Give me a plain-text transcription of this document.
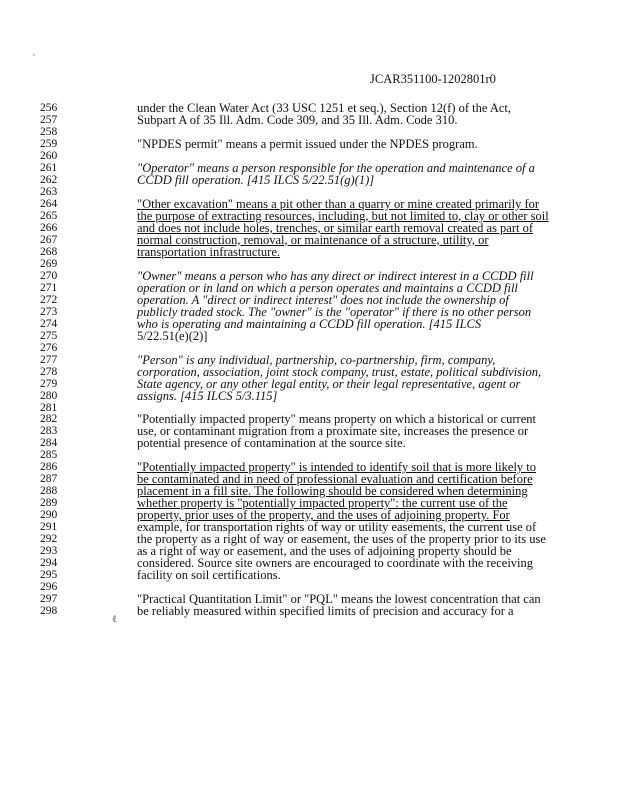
,
JCAR351100-1202801r0
ℓ
256	under the Clean Water Act (33 USC 1251 et seq.), Section 12(f) of the Act,
257	Subpart A of 35 Ill. Adm. Code 309, and 35 Ill. Adm. Code 310.
258
259	"NPDES permit" means a permit issued under the NPDES program.
260
261	"Operator" means a person responsible for the operation and maintenance of a
262	CCDD fill operation. [415 ILCS 5/22.51(g)(1)]
263
264	"Other excavation" means a pit other than a quarry or mine created primarily for
265	the purpose of extracting resources, including, but not limited to, clay or other soil
266	and does not include holes, trenches, or similar earth removal created as part of
267	normal construction, removal, or maintenance of a structure, utility, or
268	transportation infrastructure.
269
270	"Owner" means a person who has any direct or indirect interest in a CCDD fill
271	operation or in land on which a person operates and maintains a CCDD fill
272	operation. A "direct or indirect interest" does not include the ownership of
273	publicly traded stock. The "owner" is the "operator" if there is no other person
274	who is operating and maintaining a CCDD fill operation. [415 ILCS
275	5/22.51(e)(2)]
276
277	"Person" is any individual, partnership, co-partnership, firm, company,
278	corporation, association, joint stock company, trust, estate, political subdivision,
279	State agency, or any other legal entity, or their legal representative, agent or
280	assigns. [415 ILCS 5/3.115]
281
282	"Potentially impacted property" means property on which a historical or current
283	use, or contaminant migration from a proximate site, increases the presence or
284	potential presence of contamination at the source site.
285
286	"Potentially impacted property" is intended to identify soil that is more likely to
287	be contaminated and in need of professional evaluation and certification before
288	placement in a fill site. The following should be considered when determining
289	whether property is "potentially impacted property": the current use of the
290	property, prior uses of the property, and the uses of adjoining property. For
291	example, for transportation rights of way or utility easements, the current use of
292	the property as a right of way or easement, the uses of the property prior to its use
293	as a right of way or easement, and the uses of adjoining property should be
294	considered. Source site owners are encouraged to coordinate with the receiving
295	facility on soil certifications.
296
297	"Practical Quantitation Limit" or "PQL" means the lowest concentration that can
298	be reliably measured within specified limits of precision and accuracy for a
